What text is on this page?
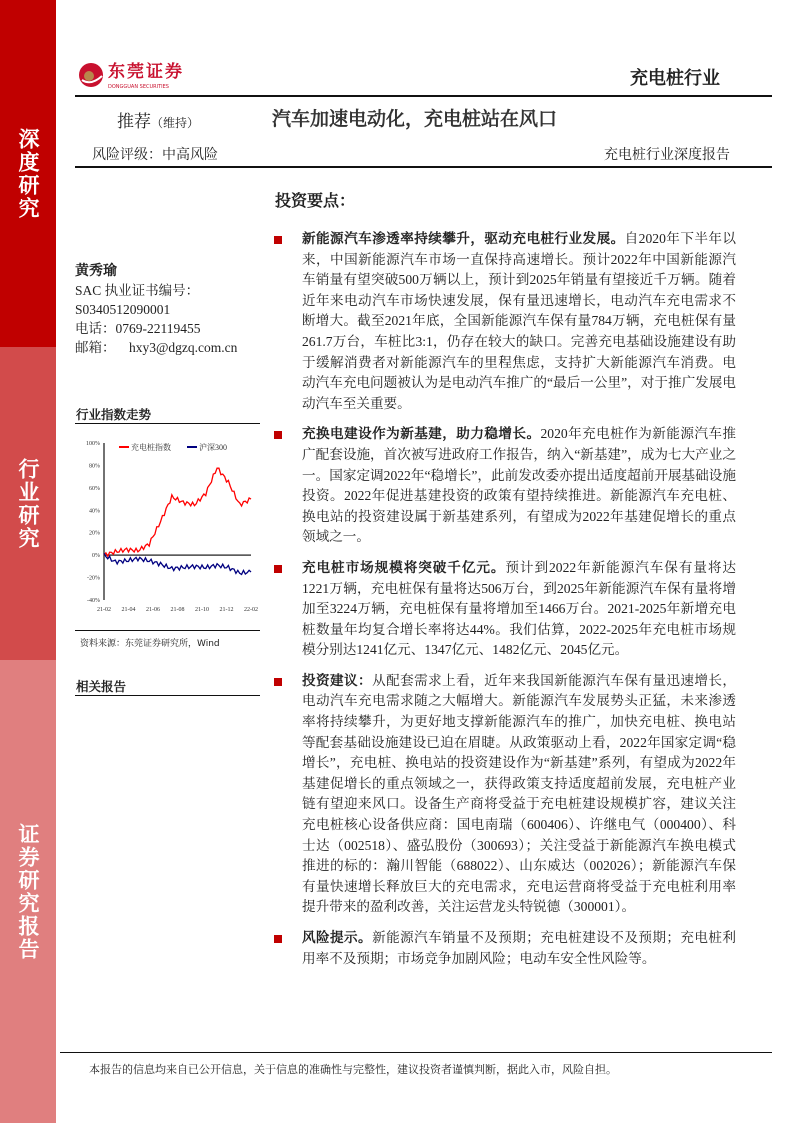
深度研究
行业研究
证券研究报告
东莞证券
DONGGUAN SECURITIES	充电桩行业
推荐（维持）	汽车加速电动化，充电桩站在风口
风险评级：中高风险	充电桩行业深度报告
黄秀瑜
SAC 执业证书编号：
S0340512090001
电话：0769-22119455
邮箱：    hxy3@dgzq.com.cn
行业指数走势
100%
80%
60%
40%
20%
0%
-20%
-40%
21-02 21-04 21-06 21-08 21-10 21-12 22-02
充电桩指数	沪深300
资料来源：东莞证券研究所，Wind
相关报告
投资要点：
新能源汽车渗透率持续攀升，驱动充电桩行业发展。自2020年下半年以来，中国新能源汽车市场一直保持高速增长。预计2022年中国新能源汽车销量有望突破500万辆以上，预计到2025年销量有望接近千万辆。随着近年来电动汽车市场快速发展，保有量迅速增长，电动汽车充电需求不断增大。截至2021年底，全国新能源汽车保有量784万辆，充电桩保有量261.7万台，车桩比3:1，仍存在较大的缺口。完善充电基础设施建设有助于缓解消费者对新能源汽车的里程焦虑，支持扩大新能源汽车消费。电动汽车充电问题被认为是电动汽车推广的“最后一公里”，对于推广发展电动汽车至关重要。
充换电建设作为新基建，助力稳增长。2020年充电桩作为新能源汽车推广配套设施，首次被写进政府工作报告，纳入“新基建”，成为七大产业之一。国家定调2022年“稳增长”，此前发改委亦提出适度超前开展基础设施投资。2022年促进基建投资的政策有望持续推进。新能源汽车充电桩、换电站的投资建设属于新基建系列，有望成为2022年基建促增长的重点领域之一。
充电桩市场规模将突破千亿元。预计到2022年新能源汽车保有量将达1221万辆，充电桩保有量将达506万台，到2025年新能源汽车保有量将增加至3224万辆，充电桩保有量将增加至1466万台。2021-2025年新增充电桩数量年均复合增长率将达44%。我们估算，2022-2025年充电桩市场规模分别达1241亿元、1347亿元、1482亿元、2045亿元。
投资建议：从配套需求上看，近年来我国新能源汽车保有量迅速增长，电动汽车充电需求随之大幅增大。新能源汽车发展势头正猛，未来渗透率将持续攀升，为更好地支撑新能源汽车的推广，加快充电桩、换电站等配套基础设施建设已迫在眉睫。从政策驱动上看，2022年国家定调“稳增长”，充电桩、换电站的投资建设作为“新基建”系列，有望成为2022年基建促增长的重点领域之一，获得政策支持适度超前发展，充电桩产业链有望迎来风口。设备生产商将受益于充电桩建设规模扩容，建议关注充电桩核心设备供应商：国电南瑞（600406）、许继电气（000400）、科士达（002518）、盛弘股份（300693）；关注受益于新能源汽车换电模式推进的标的：瀚川智能（688022）、山东威达（002026）；新能源汽车保有量快速增长释放巨大的充电需求，充电运营商将受益于充电桩利用率提升带来的盈利改善，关注运营龙头特锐德（300001）。
风险提示。新能源汽车销量不及预期；充电桩建设不及预期；充电桩利用率不及预期；市场竞争加剧风险；电动车安全性风险等。
本报告的信息均来自已公开信息，关于信息的准确性与完整性，建议投资者谨慎判断，据此入市，风险自担。
